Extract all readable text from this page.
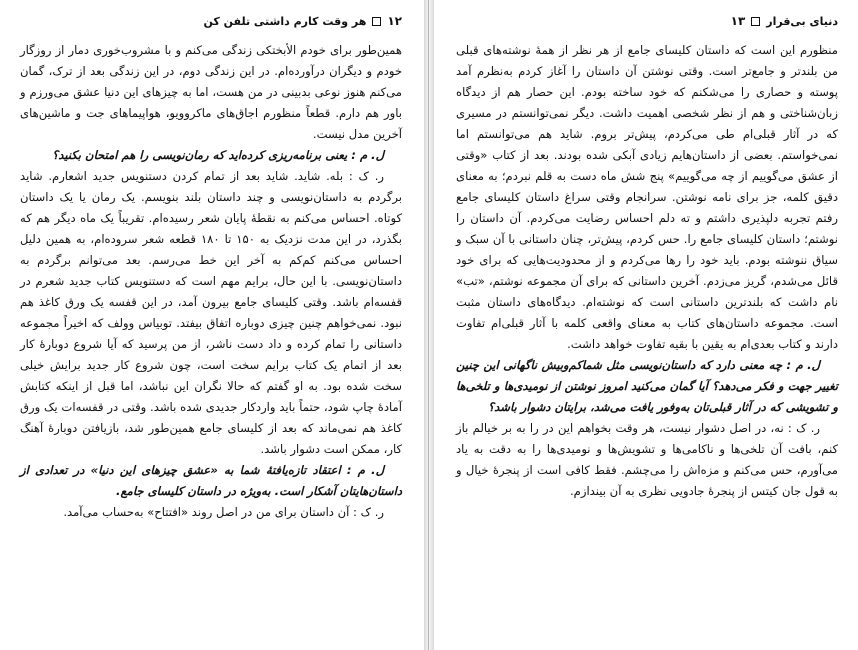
۱۲
هر وقت کارم داشتی تلفن کن

همین‌طور برای خودم الأبختکی زندگی می‌کنم و با مشروب‌خوری دمار از روزگار خودم و دیگران درآورده‌ام. در این زندگی دوم، در این زندگی بعد از ترک، گمان می‌کنم هنوز نوعی بدبینی در من هست، اما به چیزهای این دنیا عشق می‌ورزم و باور هم دارم. قطعاً منظورم اجاق‌های ماکروویو، هواپیماهای جت و ماشین‌های آخرین مدل نیست.

ل. م : یعنی برنامه‌ریزی کرده‌اید که رمان‌نویسی را هم امتحان بکنید؟

ر. ک : بله. شاید. شاید بعد از تمام کردن دستنویس جدید اشعارم. شاید برگردم به داستان‌نویسی و چند داستان بلند بنویسم. یک رمان یا یک داستان کوتاه. احساس می‌کنم به نقطهٔ پایان شعر رسیده‌ام. تقریباً یک ماه دیگر هم که بگذرد، در این مدت نزدیک به ۱۵۰ تا ۱۸۰ قطعه شعر سروده‌ام، به همین دلیل احساس می‌کنم کم‌کم به آخر این خط می‌رسم. بعد می‌توانم برگردم به داستان‌نویسی. با این حال، برایم مهم است که دستنویس کتاب جدید شعرم در قفسه‌ام باشد. وقتی کلیسای جامع بیرون آمد، در این قفسه یک ورق کاغذ هم نبود. نمی‌خواهم چنین چیزی دوباره اتفاق بیفتد. توبیاس وولف که اخیراً مجموعه داستانی را تمام کرده و داد دست ناشر، از من پرسید که آیا شروع دوبارهٔ کار بعد از اتمام یک کتاب برایم سخت است، چون شروع کار جدید برایش خیلی سخت شده بود. به او گفتم که حالا نگران این نباشد، اما قبل از اینکه کتابش آمادهٔ چاپ شود، حتماً باید واردکار جدیدی شده باشد. وقتی در قفسه‌ات یک ورق کاغذ هم نمی‌ماند که بعد از کلیسای جامع همین‌طور شد، بازیافتن دوبارهٔ آهنگ کار، ممکن است دشوار باشد.

ل. م : اعتقاد تازه‌یافتهٔ شما به «عشق چیزهای این دنیا» در تعدادی از داستان‌هایتان آشکار است. به‌ویژه در داستان کلیسای جامع.

ر. ک : آن داستان برای من در اصل روند «افتتاح» به‌حساب می‌آمد.

دنیای بی‌قرار
۱۳

منظورم این است که داستان کلیسای جامع از هر نظر از همهٔ نوشته‌های قبلی من بلندتر و جامع‌تر است. وقتی نوشتن آن داستان را آغاز کردم به‌نظرم آمد پوسته و حصاری را می‌شکنم که خود ساخته بودم. این حصار هم از دیدگاه زبان‌شناختی و هم از نظر شخصی اهمیت داشت. دیگر نمی‌توانستم در مسیری که در آثار قبلی‌ام طی می‌کردم، پیش‌تر بروم. شاید هم می‌توانستم اما نمی‌خواستم. بعضی از داستان‌هایم زیادی آبکی شده بودند. بعد از کتاب «وقتی از عشق می‌گوییم از چه می‌گوییم» پنج شش ماه دست به قلم نبردم؛ به معنای دقیق کلمه، جز برای نامه نوشتن. سرانجام وقتی سراغ داستان کلیسای جامع رفتم تجربه دلپذیری داشتم و ته دلم احساس رضایت می‌کردم. آن داستان را نوشتم؛ داستان کلیسای جامع را. حس کردم، پیش‌تر، چنان داستانی با آن سبک و سیاق ننوشته بودم. باید خود را رها می‌کردم و از محدودیت‌هایی که برای خود قائل می‌شدم، گریز می‌زدم. آخرین داستانی که برای آن مجموعه نوشتم، «تب» نام داشت که بلندترین داستانی است که نوشته‌ام. دیدگاه‌های داستان مثبت است. مجموعه داستان‌های کتاب به معنای واقعی کلمه با آثار قبلی‌ام تفاوت دارند و کتاب بعدی‌ام به یقین با بقیه تفاوت خواهد داشت.

ل. م : چه معنی دارد که داستان‌نویسی مثل شماکم‌وبیش ناگهانی این چنین تغییر جهت و فکر می‌دهد؟ آیا گمان می‌کنید امروز نوشتن از نومیدی‌ها و تلخی‌ها و تشویشی که در آثار قبلی‌تان به‌وفور یافت می‌شد، برایتان دشوار باشد؟

ر. ک : نه، در اصل دشوار نیست، هر وقت بخواهم این در را به بر خیالم باز کنم، بافت آن تلخی‌ها و ناکامی‌ها و تشویش‌ها و نومیدی‌ها را به دقت به یاد می‌آورم، حس می‌کنم و مزه‌اش را می‌چشم. فقط کافی است از پنجرهٔ خیال و به قول جان کیتس از پنجرهٔ جادویی نظری به آن بیندازم.
